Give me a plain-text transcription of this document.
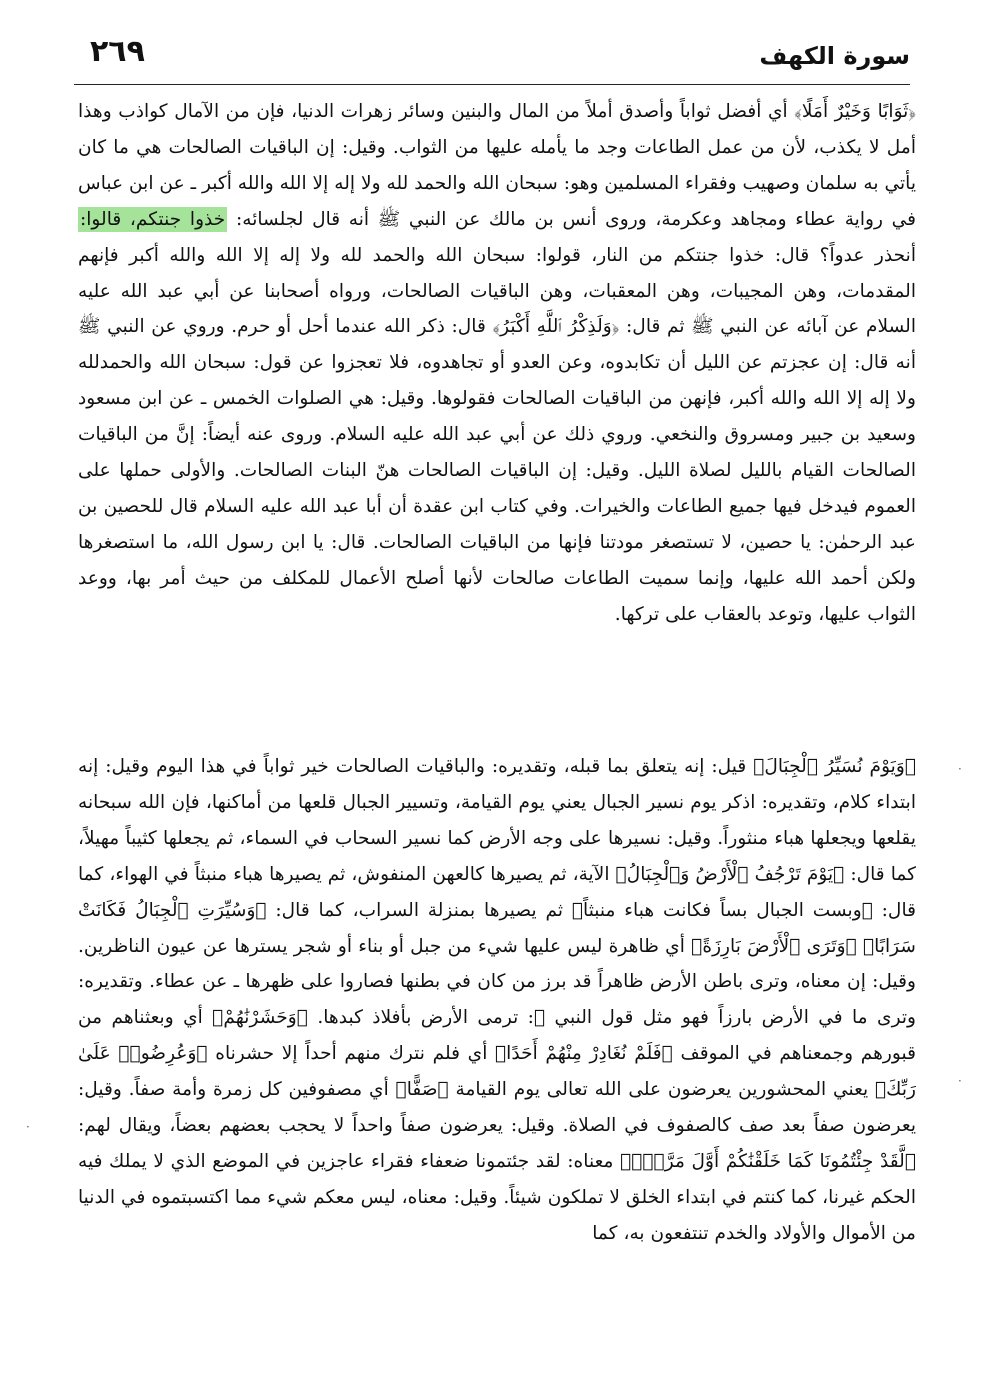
٢٦٩	سورة الكهف

﴿ثَوَابًا وَخَيْرٌ أَمَلًا﴾ أي أفضل ثواباً وأصدق أملاً من المال والبنين وسائر زهرات الدنيا، فإن من الآمال كواذب وهذا أمل لا يكذب، لأن من عمل الطاعات وجد ما يأمله عليها من الثواب. وقيل: إن الباقيات الصالحات هي ما كان يأتي به سلمان وصهيب وفقراء المسلمين وهو: سبحان الله والحمد لله ولا إله إلا الله والله أكبر ـ عن ابن عباس في رواية عطاء ومجاهد وعكرمة، وروى أنس بن مالك عن النبي ﷺ أنه قال لجلسائه: خذوا جنتكم، قالوا: أنحذر عدواً؟ قال: خذوا جنتكم من النار، قولوا: سبحان الله والحمد لله ولا إله إلا الله والله أكبر فإنهم المقدمات، وهن المجيبات، وهن المعقبات، وهن الباقيات الصالحات، ورواه أصحابنا عن أبي عبد الله عليه السلام عن آبائه عن النبي ﷺ ثم قال: ﴿وَلَذِكْرُ ٱللَّهِ أَكْبَرُ﴾ قال: ذكر الله عندما أحل أو حرم. وروي عن النبي ﷺ أنه قال: إن عجزتم عن الليل أن تكابدوه، وعن العدو أو تجاهدوه، فلا تعجزوا عن قول: سبحان الله والحمدلله ولا إله إلا الله والله أكبر، فإنهن من الباقيات الصالحات فقولوها. وقيل: هي الصلوات الخمس ـ عن ابن مسعود وسعيد بن جبير ومسروق والنخعي. وروي ذلك عن أبي عبد الله عليه السلام. وروى عنه أيضاً: إنَّ من الباقيات الصالحات القيام بالليل لصلاة الليل. وقيل: إن الباقيات الصالحات هنّ البنات الصالحات. والأولى حملها على العموم فيدخل فيها جميع الطاعات والخيرات. وفي كتاب ابن عقدة أن أبا عبد الله عليه السلام قال للحصين بن عبد الرحمٰن: يا حصين، لا تستصغر مودتنا فإنها من الباقيات الصالحات. قال: يا ابن رسول الله، ما استصغرها ولكن أحمد الله عليها، وإنما سميت الطاعات صالحات لأنها أصلح الأعمال للمكلف من حيث أمر بها، ووعد الثواب عليها، وتوعد بالعقاب على تركها.

﴿وَيَوْمَ نُسَيِّرُ ٱلْجِبَالَ﴾ قيل: إنه يتعلق بما قبله، وتقديره: والباقيات الصالحات خير ثواباً في هذا اليوم وقيل: إنه ابتداء كلام، وتقديره: اذكر يوم نسير الجبال يعني يوم القيامة، وتسيير الجبال قلعها من أماكنها، فإن الله سبحانه يقلعها ويجعلها هباء منثوراً. وقيل: نسيرها على وجه الأرض كما نسير السحاب في السماء، ثم يجعلها كثيباً مهيلاً، كما قال: ﴿يَوْمَ تَرْجُفُ ٱلْأَرْضُ وَٱلْجِبَالُ﴾ الآية، ثم يصيرها كالعهن المنفوش، ثم يصيرها هباء منبثاً في الهواء، كما قال: ﴿وبست الجبال بساً فكانت هباء منبثاً﴾ ثم يصيرها بمنزلة السراب، كما قال: ﴿وَسُيِّرَتِ ٱلْجِبَالُ فَكَانَتْ سَرَابًا﴾ ﴿وَتَرَى ٱلْأَرْضَ بَارِزَةً﴾ أي ظاهرة ليس عليها شيء من جبل أو بناء أو شجر يسترها عن عيون الناظرين. وقيل: إن معناه، وترى باطن الأرض ظاهراً قد برز من كان في بطنها فصاروا على ظهرها ـ عن عطاء. وتقديره: وترى ما في الأرض بارزاً فهو مثل قول النبي ﷺ: ترمى الأرض بأفلاذ كبدها. ﴿وَحَشَرْنَٰهُمْ﴾ أي وبعثناهم من قبورهم وجمعناهم في الموقف ﴿فَلَمْ نُغَادِرْ مِنْهُمْ أَحَدًا﴾ أي فلم نترك منهم أحداً إلا حشرناه ﴿وَعُرِضُوا۟ عَلَىٰ رَبِّكَ﴾ يعني المحشورين يعرضون على الله تعالى يوم القيامة ﴿صَفًّا﴾ أي مصفوفين كل زمرة وأمة صفاً. وقيل: يعرضون صفاً بعد صف كالصفوف في الصلاة. وقيل: يعرضون صفاً واحداً لا يحجب بعضهم بعضاً، ويقال لهم: ﴿لَّقَدْ جِئْتُمُونَا كَمَا خَلَقْنَٰكُمْ أَوَّلَ مَرَّةٍۭ﴾ معناه: لقد جئتمونا ضعفاء فقراء عاجزين في الموضع الذي لا يملك فيه الحكم غيرنا، كما كنتم في ابتداء الخلق لا تملكون شيئاً. وقيل: معناه، ليس معكم شيء مما اكتسبتموه في الدنيا من الأموال والأولاد والخدم تنتفعون به، كما

·
·
·
